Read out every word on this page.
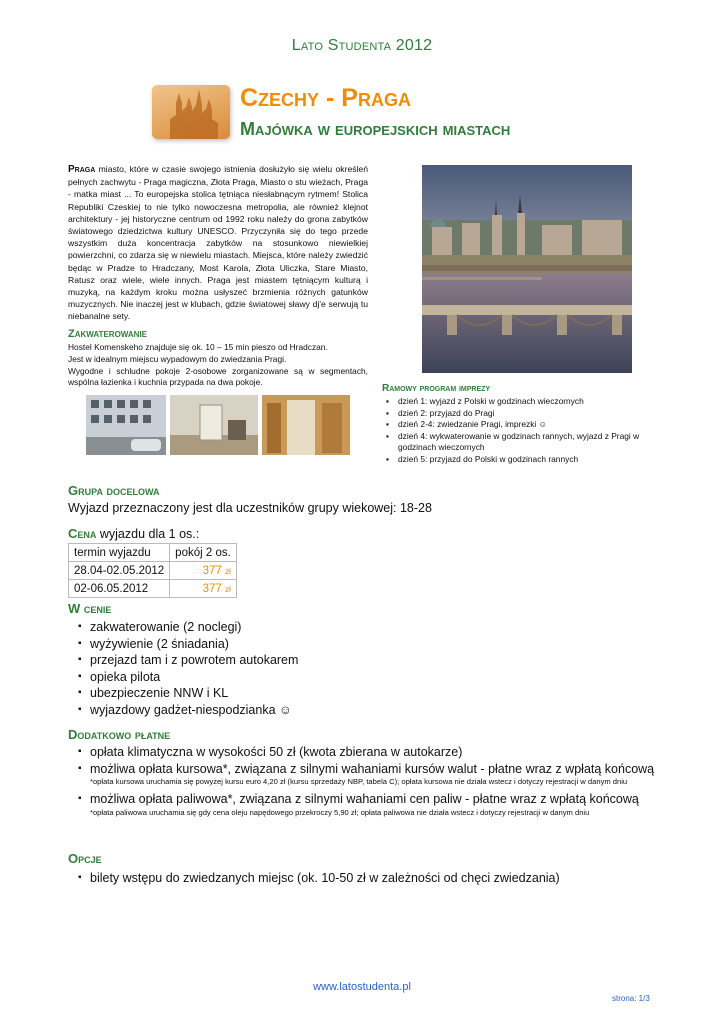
Lato Studenta 2012
Czechy - Praga
Majówka w europejskich miastach
Praga miasto, które w czasie swojego istnienia dosłużyło się wielu określeń pełnych zachwytu - Praga magiczna, Złota Praga, Miasto o stu wieżach, Praga - matka miast ... To europejska stolica tętniąca niesłabnącym rytmem! Stolica Republiki Czeskiej to nie tylko nowoczesna metropolia, ale również klejnot architektury - jej historyczne centrum od 1992 roku należy do grona zabytków światowego dziedzictwa kultury UNESCO. Przyczyniła się do tego przede wszystkim duża koncentracja zabytków na stosunkowo niewielkiej powierzchni, co zdarza się w niewielu miastach. Miejsca, które należy zwiedzić będąc w Pradze to Hradczany, Most Karola, Złota Uliczka, Stare Miasto, Ratusz oraz wiele, wiele innych. Praga jest miastem tętniącym kulturą i muzyką, na każdym kroku można usłyszeć brzmienia różnych gatunków muzycznych. Nie inaczej jest w klubach, gdzie światowej sławy dj'e serwują tu niebanalne sety.
Zakwaterowanie
Hostel Komenskeho znajduje się ok. 10 – 15 min pieszo od Hradczan.
Jest w idealnym miejscu wypadowym do zwiedzania Pragi.
Wygodne i schludne pokoje 2-osobowe zorganizowane są w segmentach, wspólna łazienka i kuchnia przypada na dwa pokoje.
Ramowy program imprezy
▪ dzień 1: wyjazd z Polski w godzinach wieczornych
▪ dzień 2: przyjazd do Pragi
▪ dzień 2-4: zwiedzanie Pragi, imprezki ☺
▪ dzień 4: wykwaterowanie w godzinach rannych, wyjazd z Pragi w godzinach wieczornych
▪ dzień 5: przyjazd do Polski w godzinach rannych
Grupa docelowa
Wyjazd przeznaczony jest dla uczestników grupy wiekowej: 18-28
Cena wyjazdu dla 1 os.:
termin wyjazdu	pokój 2 os.
28.04-02.05.2012	377 zł
02-06.05.2012	377 zł
W cenie
▪ zakwaterowanie (2 noclegi)
▪ wyżywienie (2 śniadania)
▪ przejazd tam i z powrotem autokarem
▪ opieka pilota
▪ ubezpieczenie NNW i KL
▪ wyjazdowy gadżet-niespodzianka ☺
Dodatkowo płatne
▪ opłata klimatyczna w wysokości 50 zł (kwota zbierana w autokarze)
▪ możliwa opłata kursowa*, związana z silnymi wahaniami kursów walut - płatne wraz z wpłatą końcową
*opłata kursowa uruchamia się powyżej kursu euro 4,20 zł (kursu sprzedaży NBP, tabela C); opłata kursowa nie działa wstecz i dotyczy rejestracji w danym dniu
▪ możliwa opłata paliwowa*, związana z silnymi wahaniami cen paliw - płatne wraz z wpłatą końcową
*opłata paliwowa uruchamia się gdy cena oleju napędowego przekroczy 5,90 zł; opłata paliwowa nie działa wstecz i dotyczy rejestracji w danym dniu
Opcje
▪ bilety wstępu do zwiedzanych miejsc (ok. 10-50 zł w zależności od chęci zwiedzania)
www.latostudenta.pl
strona: 1/3
